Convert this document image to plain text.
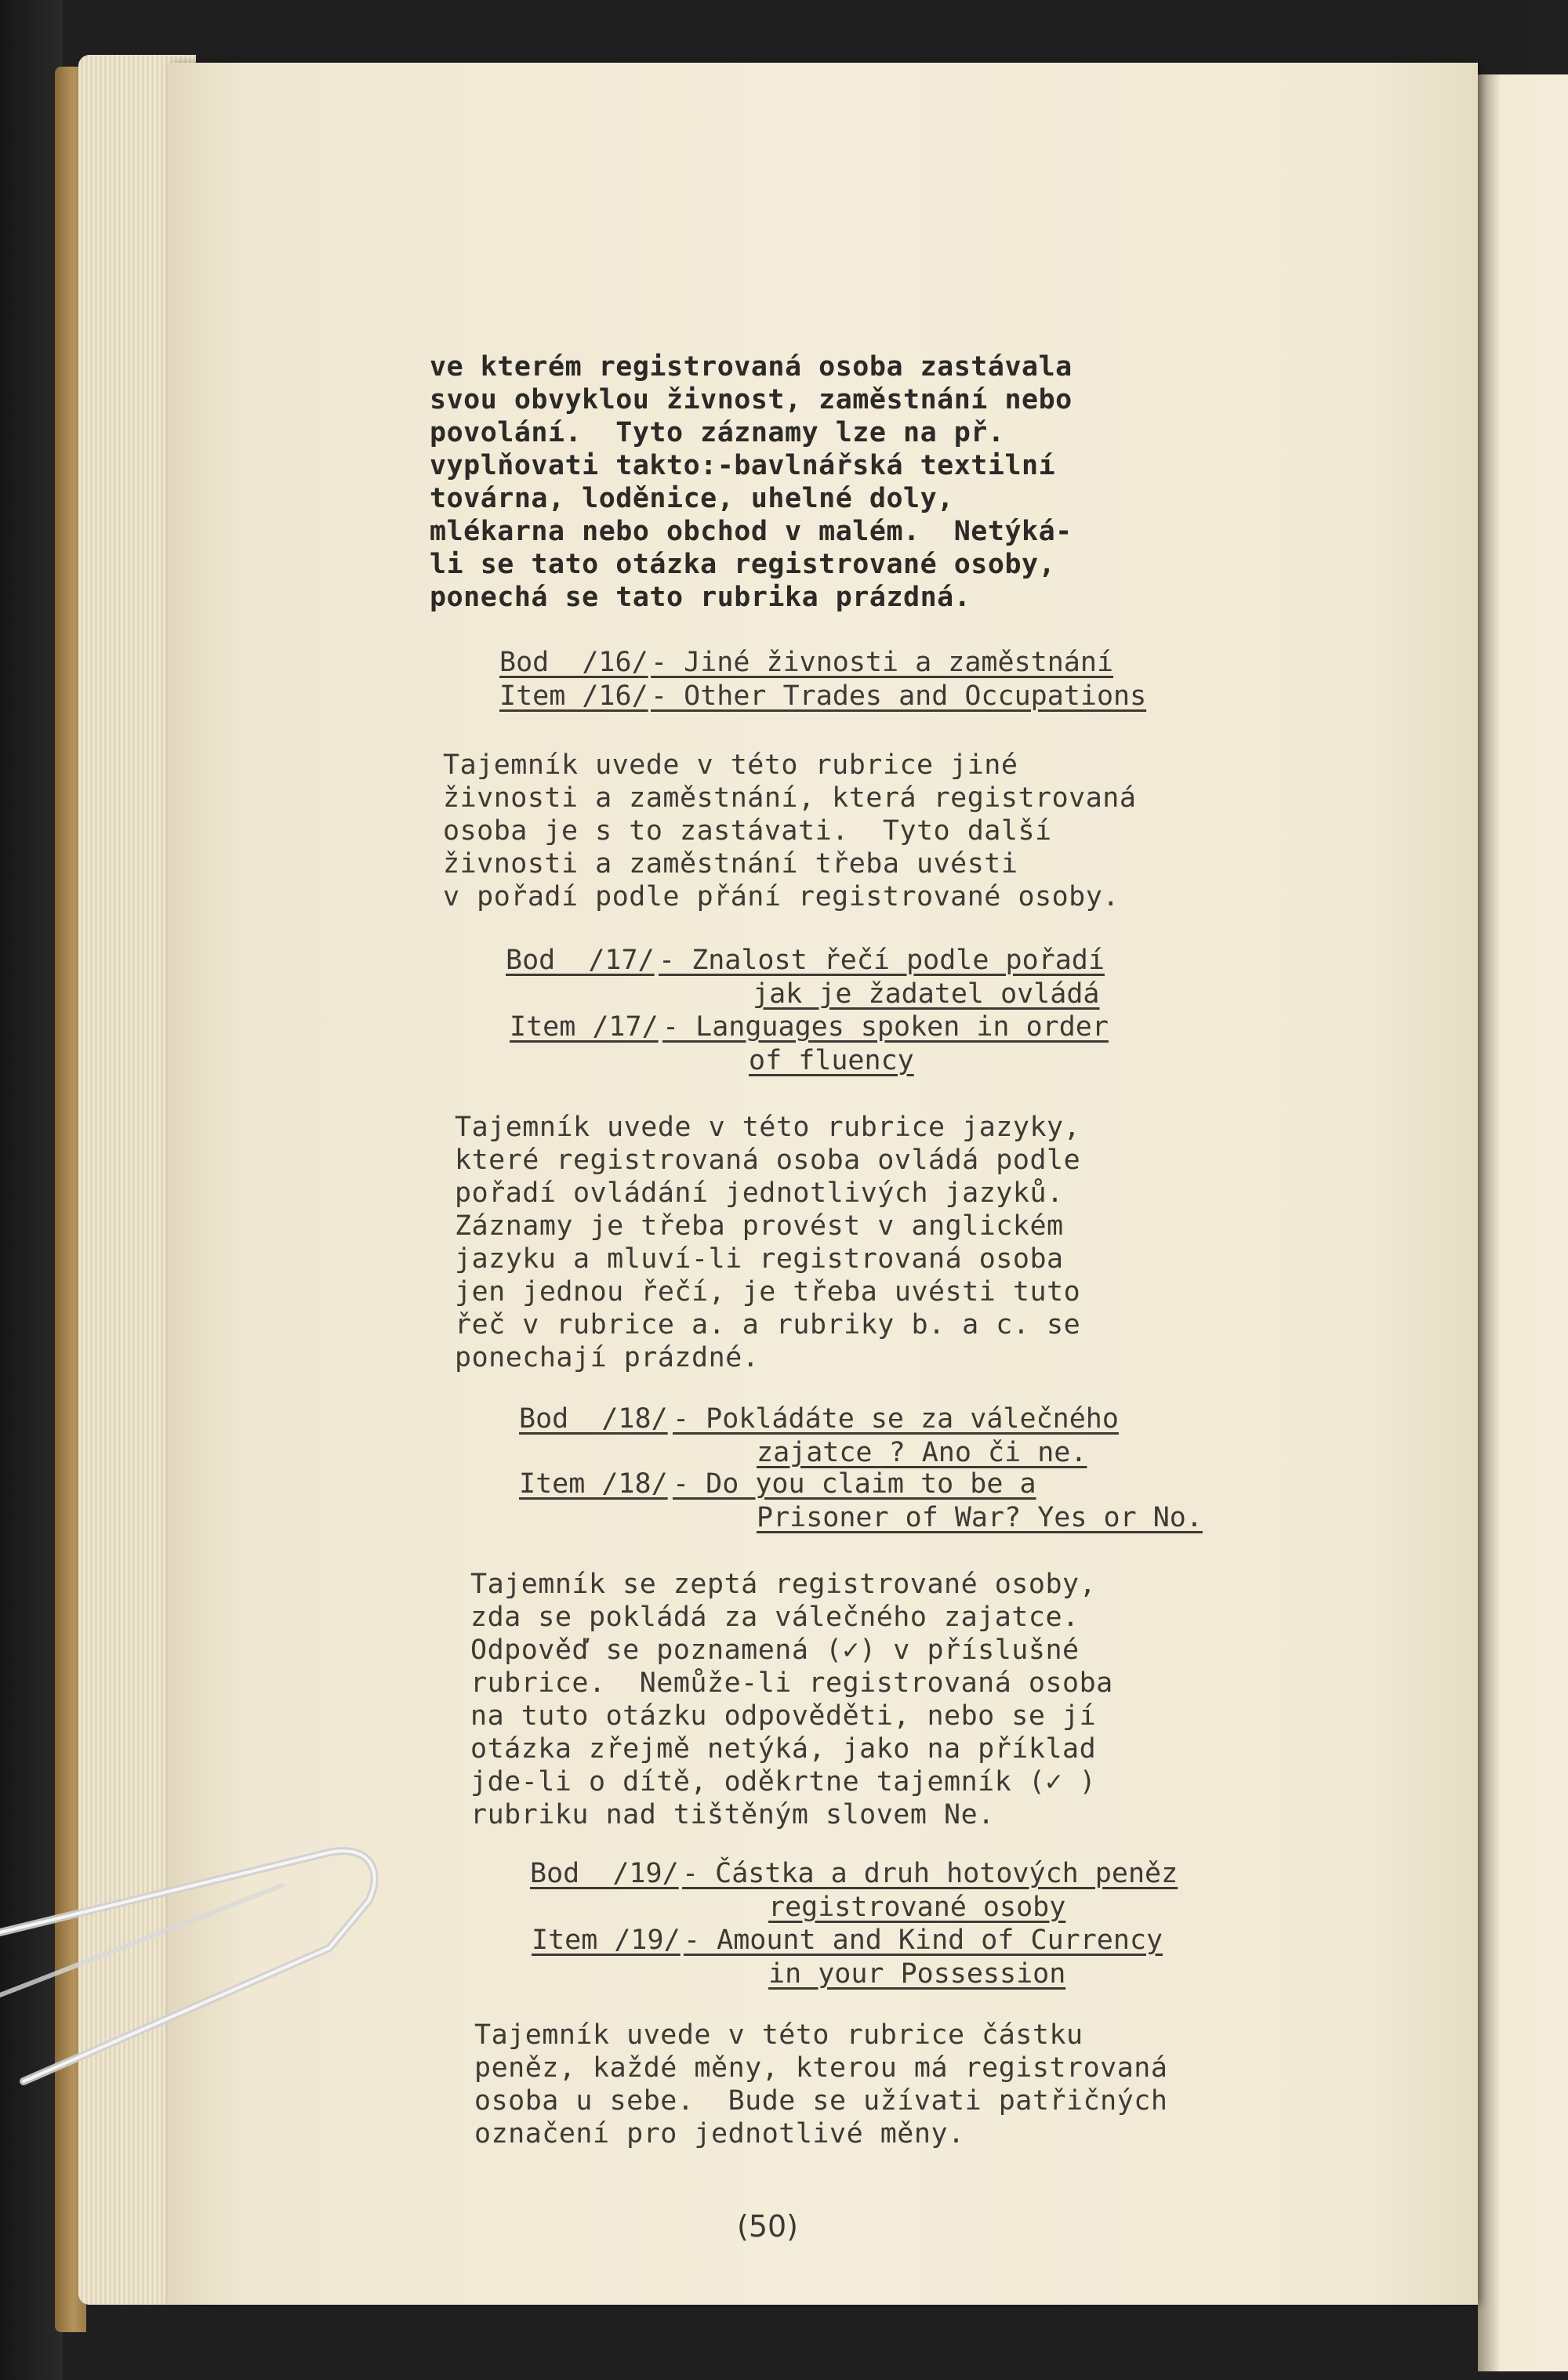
ve kterém registrovaná osoba zastávala
svou obvyklou živnost, zaměstnání nebo
povolání.  Tyto záznamy lze na př.
vyplňovati takto:-bavlnářská textilní
továrna, loděnice, uhelné doly,
mlékarna nebo obchod v malém.  Netýká-
li se tato otázka registrované osoby,
ponechá se tato rubrika prázdná.
Bod  /16/ - Jiné živnosti a zaměstnání
Item /16/ - Other Trades and Occupations
Tajemník uvede v této rubrice jiné
živnosti a zaměstnání, která registrovaná
osoba je s to zastávati.  Tyto další
živnosti a zaměstnání třeba uvésti
v pořadí podle přání registrované osoby.
Bod  /17/ - Znalost řečí podle pořadí
jak je žadatel ovládá
Item /17/ - Languages spoken in order
of fluency
Tajemník uvede v této rubrice jazyky,
které registrovaná osoba ovládá podle
pořadí ovládání jednotlivých jazyků.
Záznamy je třeba provést v anglickém
jazyku a mluví-li registrovaná osoba
jen jednou řečí, je třeba uvésti tuto
řeč v rubrice a. a rubriky b. a c. se
ponechají prázdné.
Bod  /18/ - Pokládáte se za válečného
zajatce ? Ano či ne.
Item /18/ - Do you claim to be a
Prisoner of War? Yes or No.
Tajemník se zeptá registrované osoby,
zda se pokládá za válečného zajatce.
Odpověď se poznamená (✓) v příslušné
rubrice.  Nemůže-li registrovaná osoba
na tuto otázku odpověděti, nebo se jí
otázka zřejmě netýká, jako na příklad
jde-li o dítě, oděkrtne tajemník (✓ )
rubriku nad tištěným slovem Ne.
Bod  /19/ - Částka a druh hotových peněz
registrované osoby
Item /19/ - Amount and Kind of Currency
in your Possession
Tajemník uvede v této rubrice částku
peněz, každé měny, kterou má registrovaná
osoba u sebe.  Bude se užívati patřičných
označení pro jednotlivé měny.
(50)
